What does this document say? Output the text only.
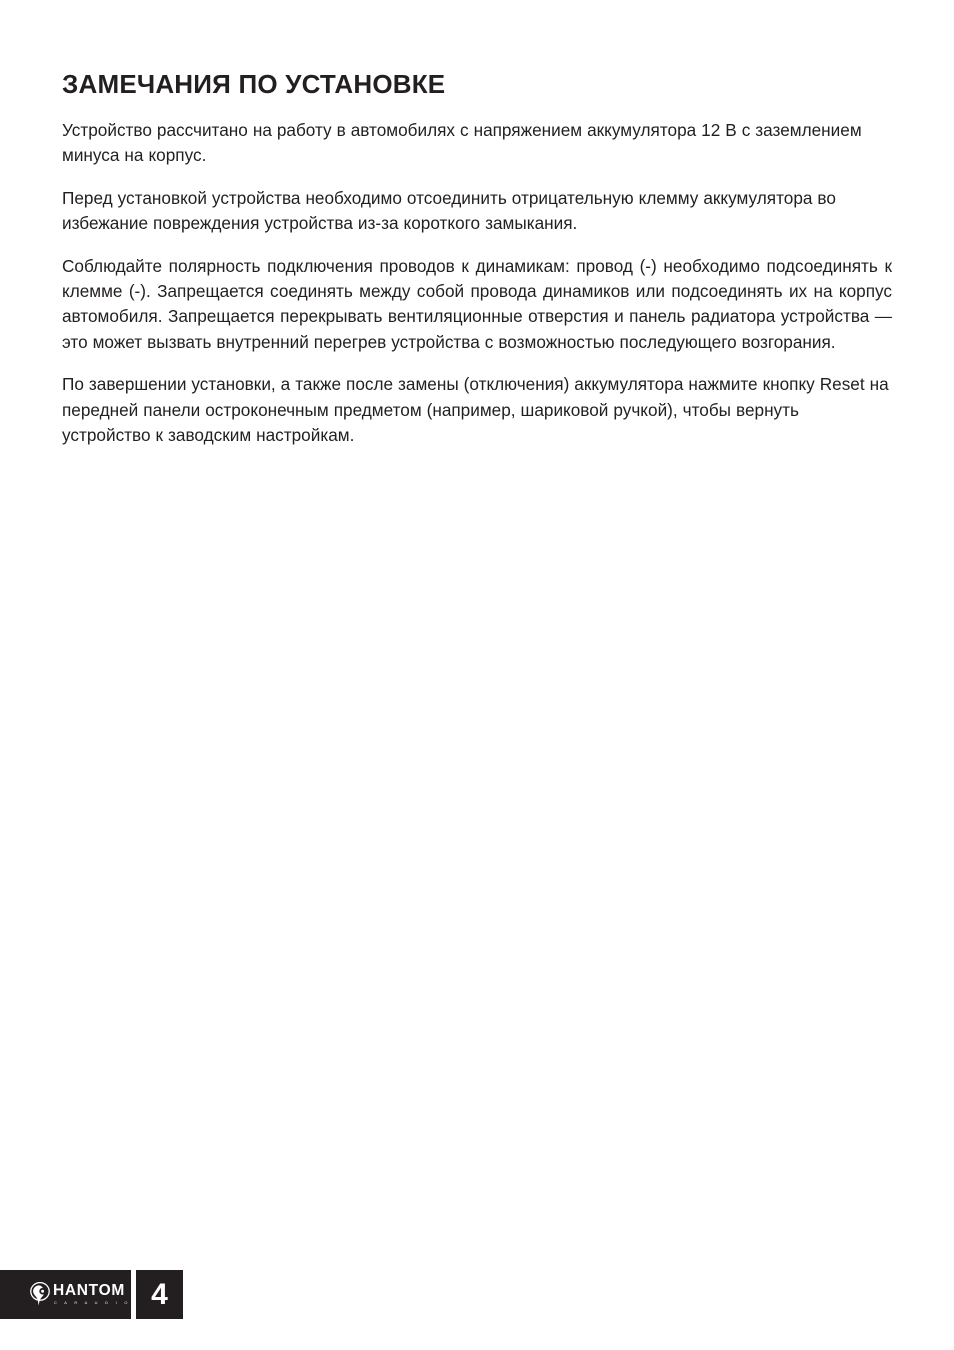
ЗАМЕЧАНИЯ ПО УСТАНОВКЕ

Устройство рассчитано на работу в автомобилях с напряжением аккумулятора 12 В с заземлением минуса на корпус.

Перед установкой устройства необходимо отсоединить отрицательную клемму аккумулятора во избежание повреждения устройства из-за короткого замыкания.

Соблюдайте полярность подключения проводов к динамикам: провод (-) необходимо подсоединять к клемме (-). Запрещается соединять между собой провода динамиков или подсоединять их на корпус автомобиля. Запрещается перекрывать вентиляционные отверстия и панель радиатора устройства — это может вызвать внутренний перегрев устройства с возможностью последующего возгорания.

По завершении установки, а также после замены (отключения) аккумулятора нажмите кнопку Reset на передней панели остроконечным предметом (например, шариковой ручкой), чтобы вернуть устройство к заводским настройкам.

HANTOM
C A R A U D I O 4
